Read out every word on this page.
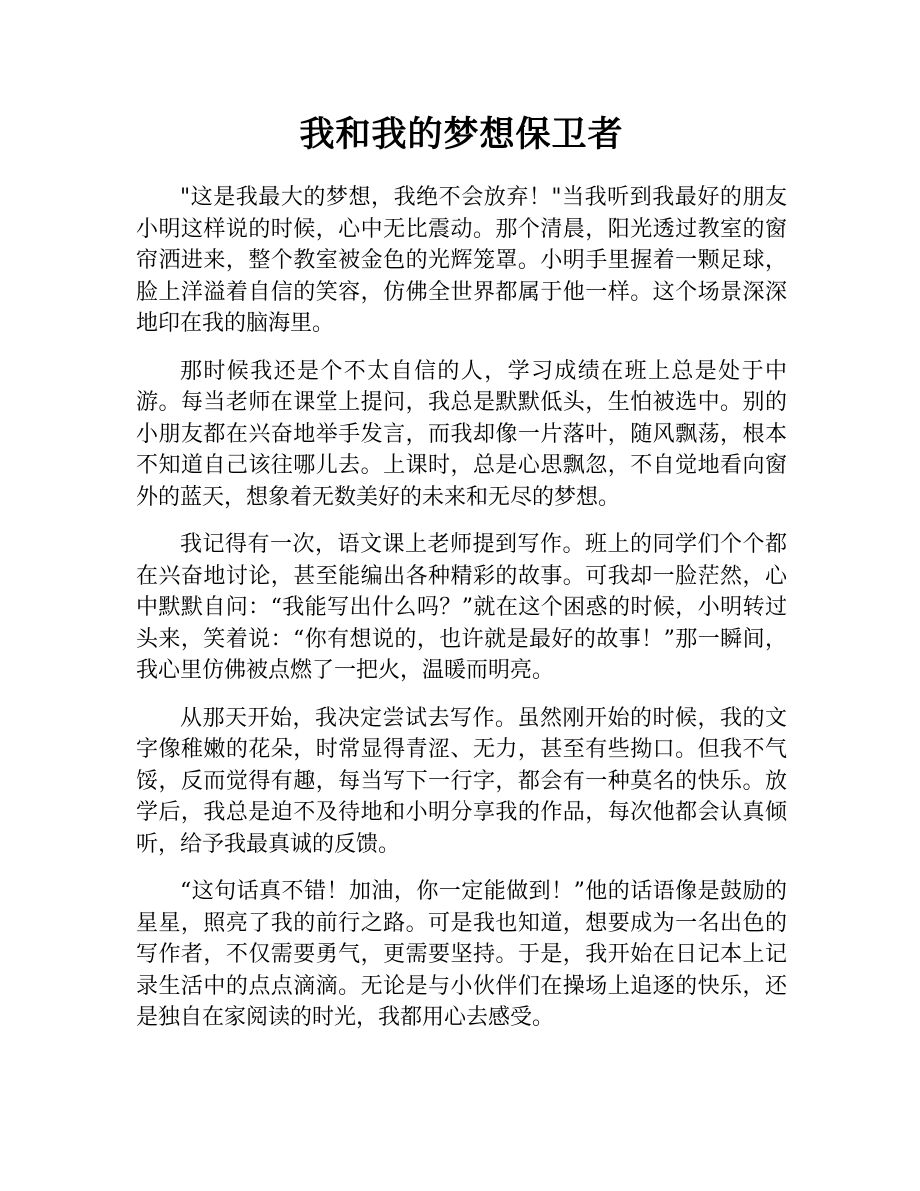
我和我的梦想保卫者

"这是我最大的梦想，我绝不会放弃！"当我听到我最好的朋友小明这样说的时候，心中无比震动。那个清晨，阳光透过教室的窗帘洒进来，整个教室被金色的光辉笼罩。小明手里握着一颗足球，脸上洋溢着自信的笑容，仿佛全世界都属于他一样。这个场景深深地印在我的脑海里。

那时候我还是个不太自信的人，学习成绩在班上总是处于中游。每当老师在课堂上提问，我总是默默低头，生怕被选中。别的小朋友都在兴奋地举手发言，而我却像一片落叶，随风飘荡，根本不知道自己该往哪儿去。上课时，总是心思飘忽，不自觉地看向窗外的蓝天，想象着无数美好的未来和无尽的梦想。

我记得有一次，语文课上老师提到写作。班上的同学们个个都在兴奋地讨论，甚至能编出各种精彩的故事。可我却一脸茫然，心中默默自问：“我能写出什么吗？”就在这个困惑的时候，小明转过头来，笑着说：“你有想说的，也许就是最好的故事！”那一瞬间，我心里仿佛被点燃了一把火，温暖而明亮。

从那天开始，我决定尝试去写作。虽然刚开始的时候，我的文字像稚嫩的花朵，时常显得青涩、无力，甚至有些拗口。但我不气馁，反而觉得有趣，每当写下一行字，都会有一种莫名的快乐。放学后，我总是迫不及待地和小明分享我的作品，每次他都会认真倾听，给予我最真诚的反馈。

“这句话真不错！加油，你一定能做到！”他的话语像是鼓励的星星，照亮了我的前行之路。可是我也知道，想要成为一名出色的写作者，不仅需要勇气，更需要坚持。于是，我开始在日记本上记录生活中的点点滴滴。无论是与小伙伴们在操场上追逐的快乐，还是独自在家阅读的时光，我都用心去感受。
